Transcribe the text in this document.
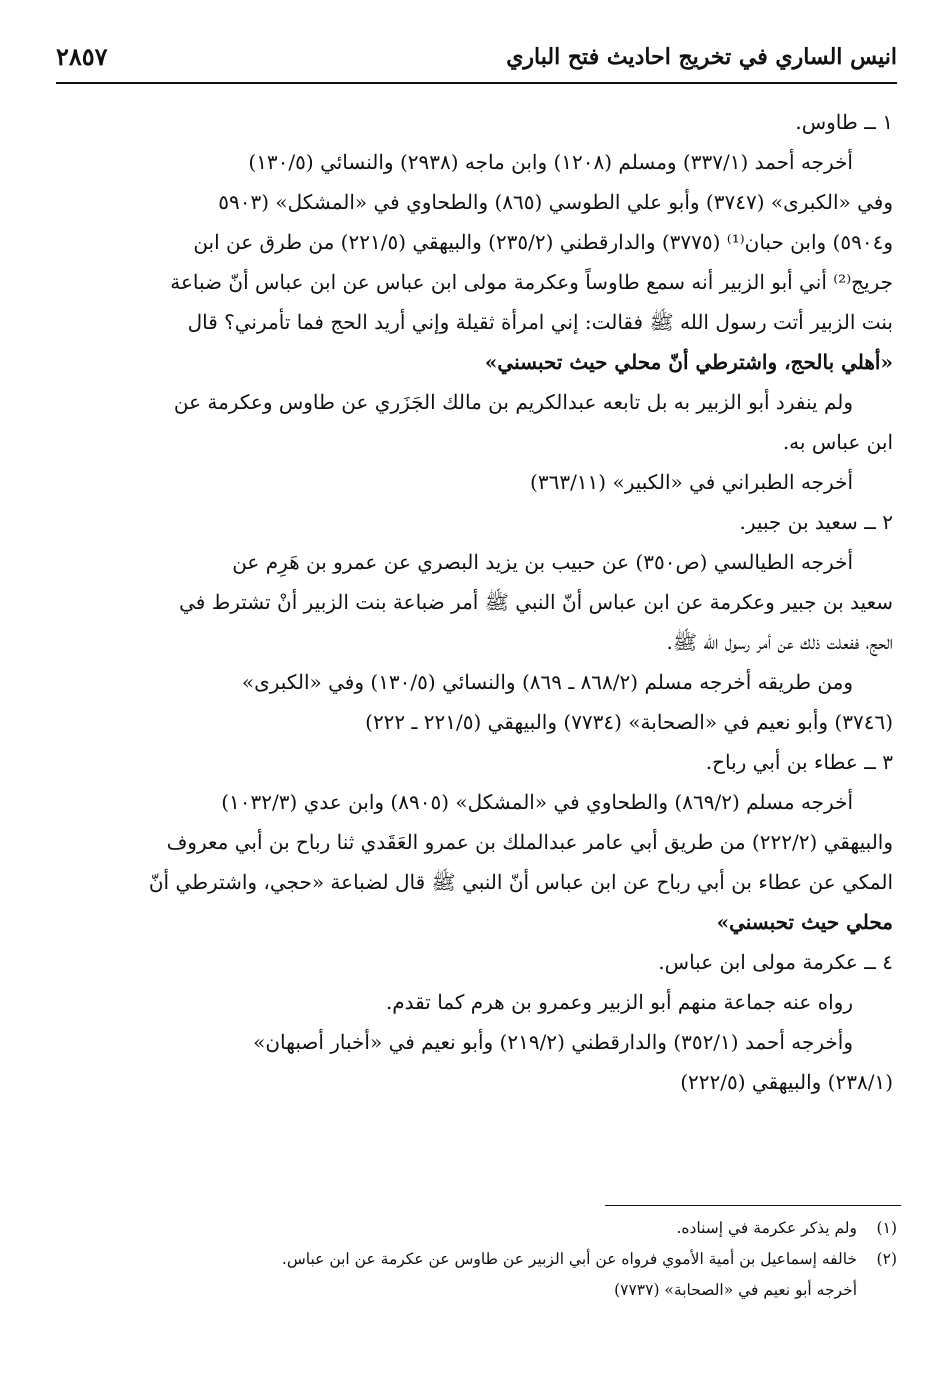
انيس الساري في تخريج احاديث فتح الباري
٢٨٥٧
١ ــ طاوس.
أخرجه أحمد (٣٣٧/١) ومسلم (١٢٠٨) وابن ماجه (٢٩٣٨) والنسائي (١٣٠/٥)
وفي «الكبرى» (٣٧٤٧) وأبو علي الطوسي (٨٦٥) والطحاوي في «المشكل» (٥٩٠٣
و٥٩٠٤) وابن حبان⁽¹⁾ (٣٧٧٥) والدارقطني (٢٣٥/٢) والبيهقي (٢٢١/٥) من طرق عن ابن
جريج⁽²⁾ أني أبو الزبير أنه سمع طاوساً وعكرمة مولى ابن عباس عن ابن عباس أنّ ضباعة
بنت الزبير أتت رسول الله ﷺ فقالت: إني امرأة ثقيلة وإني أريد الحج فما تأمرني؟ قال
«أهلي بالحج، واشترطي أنّ محلي حيث تحبسني»
ولم ينفرد أبو الزبير به بل تابعه عبدالكريم بن مالك الجَزَري عن طاوس وعكرمة عن
ابن عباس به.
أخرجه الطبراني في «الكبير» (٣٦٣/١١)
٢ ــ سعيد بن جبير.
أخرجه الطيالسي (ص٣٥٠) عن حبيب بن يزيد البصري عن عمرو بن هَرِم عن
سعيد بن جبير وعكرمة عن ابن عباس أنّ النبي ﷺ أمر ضباعة بنت الزبير أنْ تشترط في
الحج، ففعلت ذلك عن أمر رسول الله ﷺ.
ومن طريقه أخرجه مسلم (٨٦٨/٢ ـ ٨٦٩) والنسائي (١٣٠/٥) وفي «الكبرى»
(٣٧٤٦) وأبو نعيم في «الصحابة» (٧٧٣٤) والبيهقي (٢٢١/٥ ـ ٢٢٢)
٣ ــ عطاء بن أبي رباح.
أخرجه مسلم (٨٦٩/٢) والطحاوي في «المشكل» (٨٩٠٥) وابن عدي (١٠٣٢/٣)
والبيهقي (٢٢٢/٢) من طريق أبي عامر عبدالملك بن عمرو العَقَدي ثنا رباح بن أبي معروف
المكي عن عطاء بن أبي رباح عن ابن عباس أنّ النبي ﷺ قال لضباعة «حجي، واشترطي أنّ
محلي حيث تحبسني»
٤ ــ عكرمة مولى ابن عباس.
رواه عنه جماعة منهم أبو الزبير وعمرو بن هرم كما تقدم.
وأخرجه أحمد (٣٥٢/١) والدارقطني (٢١٩/٢) وأبو نعيم في «أخبار أصبهان»
(٢٣٨/١) والبيهقي (٢٢٢/٥)
(١)ولم يذكر عكرمة في إسناده.
(٢)خالفه إسماعيل بن أمية الأموي فرواه عن أبي الزبير عن طاوس عن عكرمة عن ابن عباس.
أخرجه أبو نعيم في «الصحابة» (٧٧٣٧)
